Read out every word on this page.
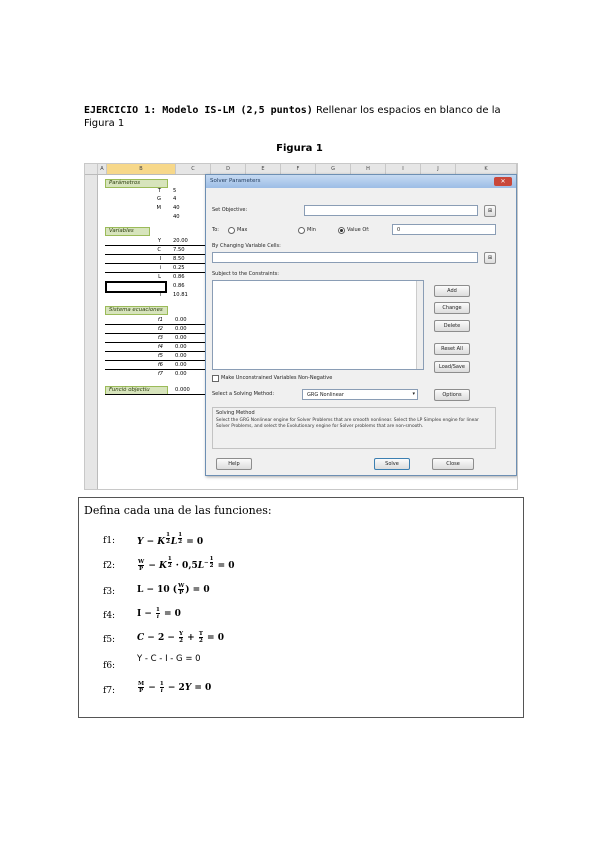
EJERCICIO 1: Modelo IS-LM (2,5 puntos) Rellenar los espacios en blanco de la Figura 1
Figura 1
A	B	C	D	E	F	G	H	I	J	K
Parámetros
T 5
G 4
M 40
40
Variables
Y 20.00
C 7.50
I 8.50
i 0.25
L 0.86
0.86
l 10.81
Sistema ecuaciones
f1 0.00
f2 0.00
f3 0.00
f4 0.00
f5 0.00
f6 0.00
f7 0.00
Funció objectiu	0.000
Solver Parameters	✕
Set Objective:	⊞
To:	Max	Min	Value Of:	0
By Changing Variable Cells:
⊞
Subject to the Constraints:
Add
Change
Delete
Reset All
Load/Save
Make Unconstrained Variables Non-Negative
Select a Solving Method:	GRG Nonlinear	▾	Options
Solving Method
Select the GRG Nonlinear engine for Solver Problems that are smooth nonlinear. Select the LP Simplex engine for linear Solver Problems, and select the Evolutionary engine for Solver problems that are non-smooth.
Help	Solve	Close
Defina cada una de las funciones:
f1: Y − K $^{\frac{1}{2}}$ L $^{\frac{1}{2}}$ = 0
f2:	$\frac{W}{P} - K$ $^{\frac{1}{2}} \cdot 0,5L^{- \frac{1}{2}} = 0$
f3: L − 10 ( $\frac{W}{P}$ ) = 0
f4: $I - \frac{1}{i} = 0$
f5: $C - 2 - \frac{Y}{2} + \frac{T}{2} = 0$
f6:
Y - C - I - G = 0
f7:	$\frac{M}{P} - \frac{1}{i} - 2Y = 0$
